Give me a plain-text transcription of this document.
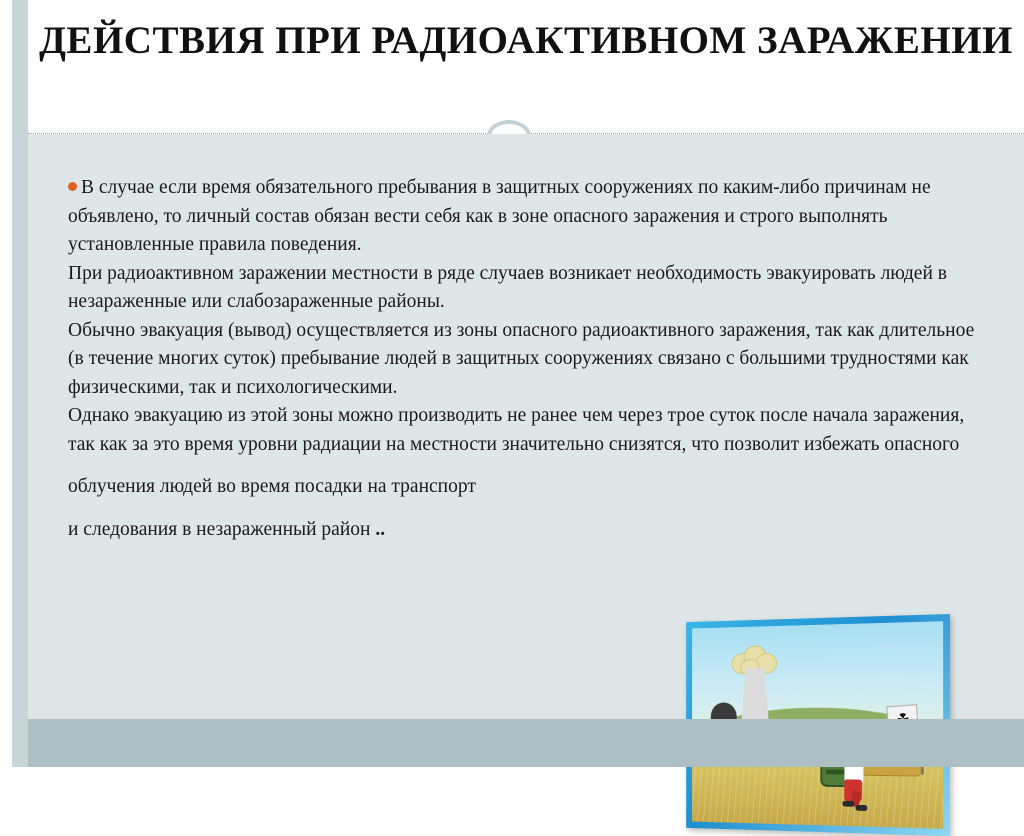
ДЕЙСТВИЯ ПРИ РАДИОАКТИВНОМ ЗАРАЖЕНИИ

В случае если время обязательного пребывания в защитных сооружениях по каким-либо причинам не объявлено, то личный состав обязан вести себя как в зоне опасного заражения и строго выполнять установленные правила поведения.

При радиоактивном заражении местности в ряде случаев возникает необходимость эвакуировать людей в незараженные или слабозараженные районы.

Обычно эвакуация (вывод) осуществляется из зоны опасного радиоактивного заражения, так как длительное (в течение многих суток) пребывание людей в защитных сооружениях связано с большими трудностями как физическими, так и психологическими.

Однако эвакуацию из этой зоны можно производить не ранее чем через трое суток после начала заражения, так как за это время уровни радиации на местности значительно снизятся, что позволит избежать опасного

облучения людей во время посадки на транспорт

и следования в незараженный район ..
